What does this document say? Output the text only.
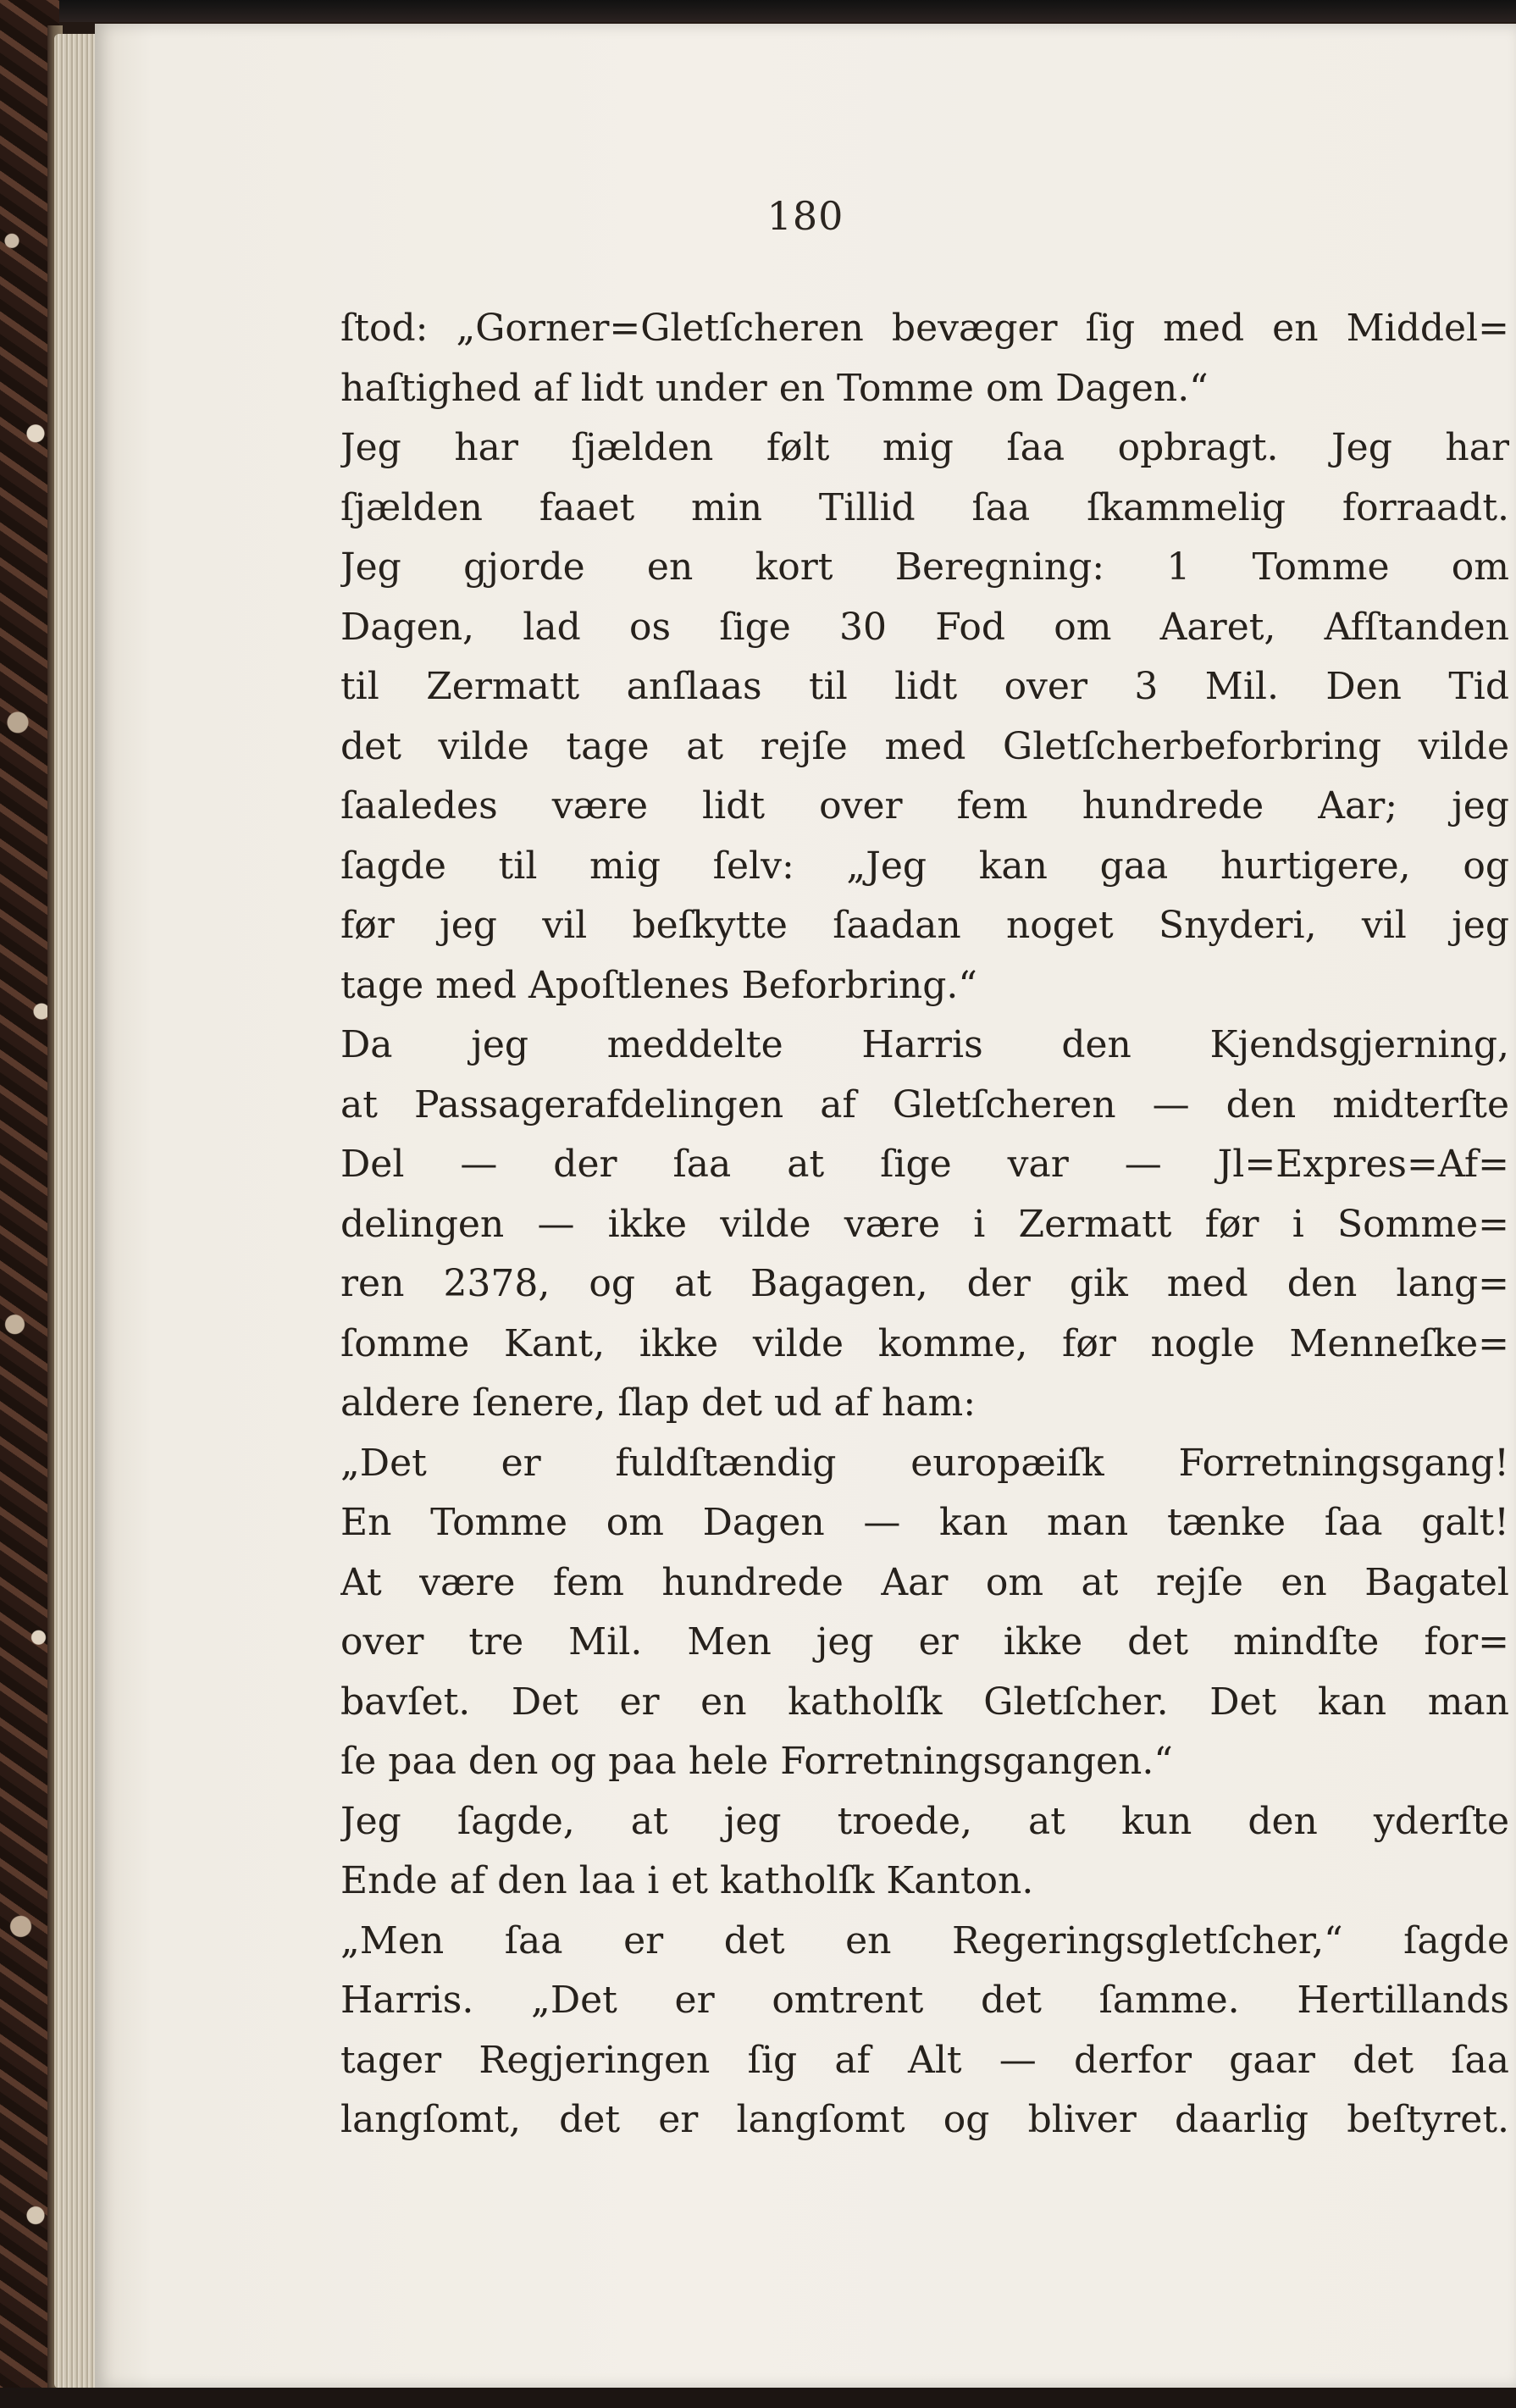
180
ſtod: „Gorner=Gletſcheren bevæger ſig med en Middel=
haſtighed af lidt under en Tomme om Dagen.“
Jeg har ſjælden følt mig ſaa opbragt. Jeg har
ſjælden faaet min Tillid ſaa ſkammelig forraadt.
Jeg gjorde en kort Beregning: 1 Tomme om
Dagen, lad os ſige 30 Fod om Aaret, Afſtanden
til Zermatt anſlaas til lidt over 3 Mil. Den Tid
det vilde tage at rejſe med Gletſcherbeforbring vilde
ſaaledes være lidt over fem hundrede Aar; jeg
ſagde til mig ſelv: „Jeg kan gaa hurtigere, og
før jeg vil beſkytte ſaadan noget Snyderi, vil jeg
tage med Apoſtlenes Beforbring.“
Da jeg meddelte Harris den Kjendsgjerning,
at Passagerafdelingen af Gletſcheren — den midterſte
Del — der ſaa at ſige var — Jl=Expres=Af=
delingen — ikke vilde være i Zermatt før i Somme=
ren 2378, og at Bagagen, der gik med den lang=
ſomme Kant, ikke vilde komme, før nogle Menneſke=
aldere ſenere, ſlap det ud af ham:
„Det er fuldſtændig europæiſk Forretningsgang!
En Tomme om Dagen — kan man tænke ſaa galt!
At være fem hundrede Aar om at rejſe en Bagatel
over tre Mil. Men jeg er ikke det mindſte for=
bavſet. Det er en katholſk Gletſcher. Det kan man
ſe paa den og paa hele Forretningsgangen.“
Jeg ſagde, at jeg troede, at kun den yderſte
Ende af den laa i et katholſk Kanton.
„Men ſaa er det en Regeringsgletſcher,“ ſagde
Harris. „Det er omtrent det ſamme. Hertillands
tager Regjeringen ſig af Alt — derfor gaar det ſaa
langſomt, det er langſomt og bliver daarlig beſtyret.
